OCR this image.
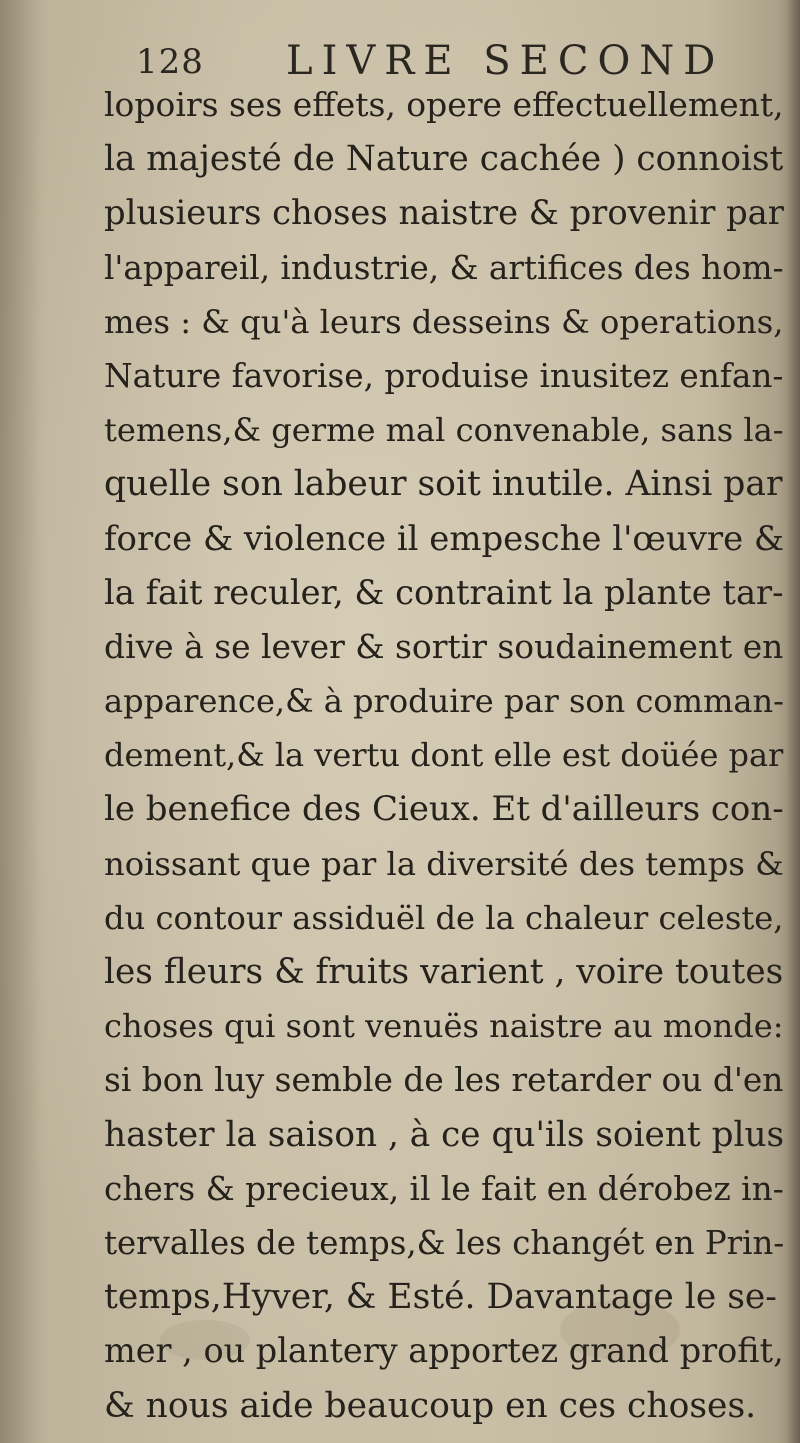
128 LIVRE SECOND
lopoirs ses effets, opere effectuellement,
la majesté de Nature cachée ) connoist
plusieurs choses naistre & provenir par
l'appareil, industrie, & artifices des hom-
mes : & qu'à leurs desseins & operations,
Nature favorise, produise inusitez enfan-
temens,& germe mal convenable, sans la-
quelle son labeur soit inutile. Ainsi par
force & violence il empesche l'œuvre &
la fait reculer, & contraint la plante tar-
dive à se lever & sortir soudainement en
apparence,& à produire par son comman-
dement,& la vertu dont elle est doüée par
le benefice des Cieux. Et d'ailleurs con-
noissant que par la diversité des temps &
du contour assiduël de la chaleur celeste,
les fleurs & fruits varient , voire toutes
choses qui sont venuës naistre au monde:
si bon luy semble de les retarder ou d'en
haster la saison , à ce qu'ils soient plus
chers & precieux, il le fait en dérobez in-
tervalles de temps,& les changét en Prin-
temps,Hyver, & Esté. Davantage le se-
mer , ou plantery apportez grand profit,
& nous aide beaucoup en ces choses.
